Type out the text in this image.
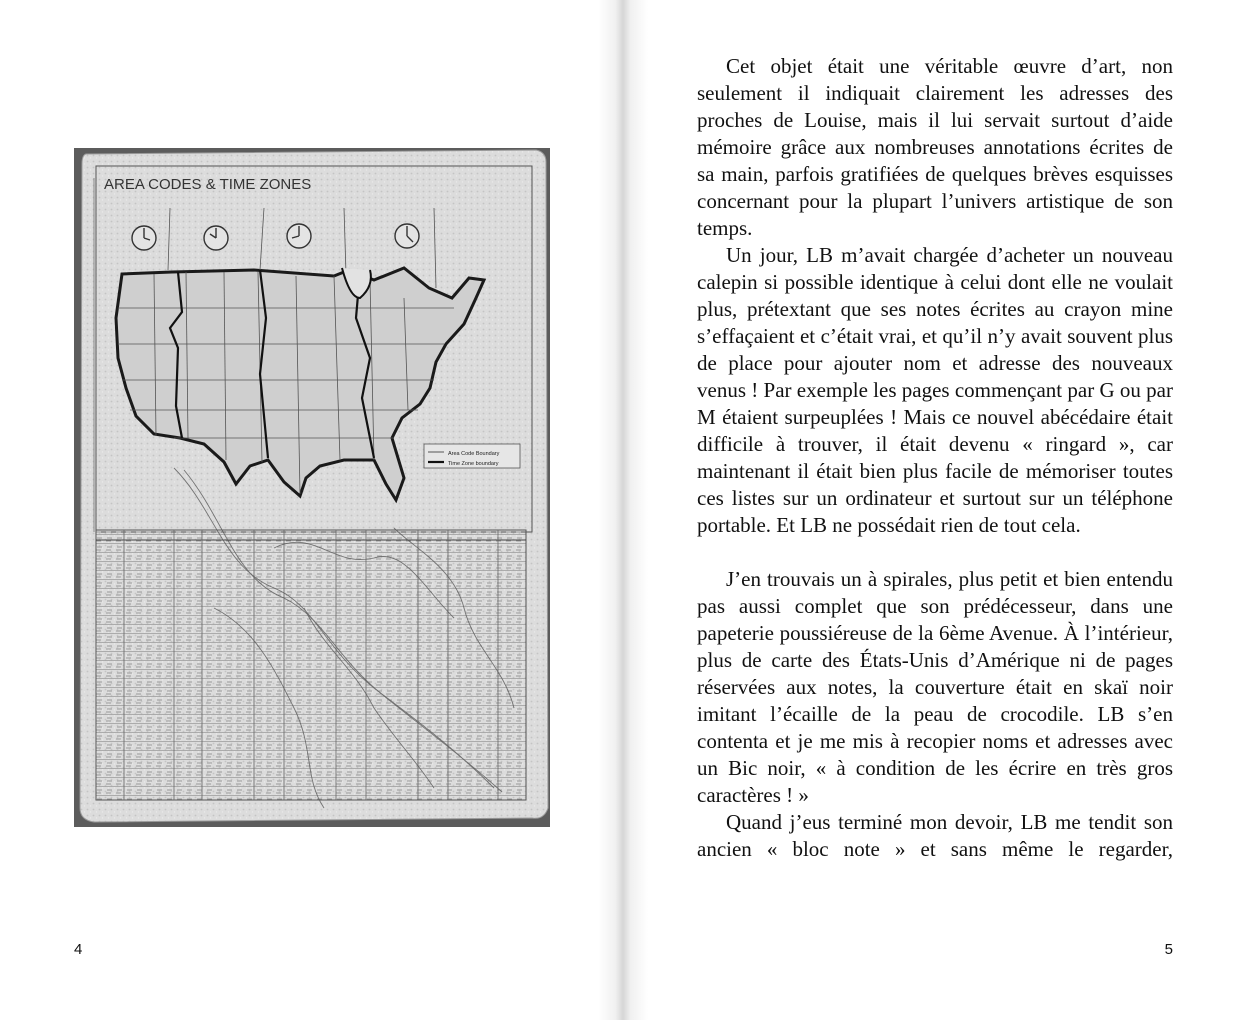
AREA CODES & TIME ZONES
Area Code Boundary
Time Zone boundary
4

Cet objet était une véritable œuvre d’art, non seulement il indiquait clairement les adresses des proches de Louise, mais il lui servait surtout d’aide mémoire grâce aux nombreuses annotations écrites de sa main, parfois gratifiées de quelques brèves esquisses concernant pour la plupart l’univers artistique de son temps.

Un jour, LB m’avait chargée d’acheter un nouveau calepin si possible identique à celui dont elle ne voulait plus, prétextant que ses notes écrites au crayon mine s’effaçaient et c’était vrai, et qu’il n’y avait souvent plus de place pour ajouter nom et adresse des nouveaux venus ! Par exemple les pages commençant par G ou par M étaient surpeuplées ! Mais ce nouvel abécédaire était difficile à trouver, il était devenu « ringard », car maintenant il était bien plus facile de mémoriser toutes ces listes sur un ordinateur et surtout sur un téléphone portable. Et LB ne possédait rien de tout cela.

J’en trouvais un à spirales, plus petit et bien entendu pas aussi complet que son prédécesseur, dans une papeterie poussiéreuse de la 6ème Avenue. À l’intérieur, plus de carte des États-Unis d’Amérique ni de pages réservées aux notes, la couverture était en skaï noir imitant l’écaille de la peau de crocodile. LB s’en contenta et je me mis à recopier noms et adresses avec un Bic noir, « à condition de les écrire en très gros caractères ! »

Quand j’eus terminé mon devoir, LB me tendit son ancien « bloc note » et sans même le regarder,

5
